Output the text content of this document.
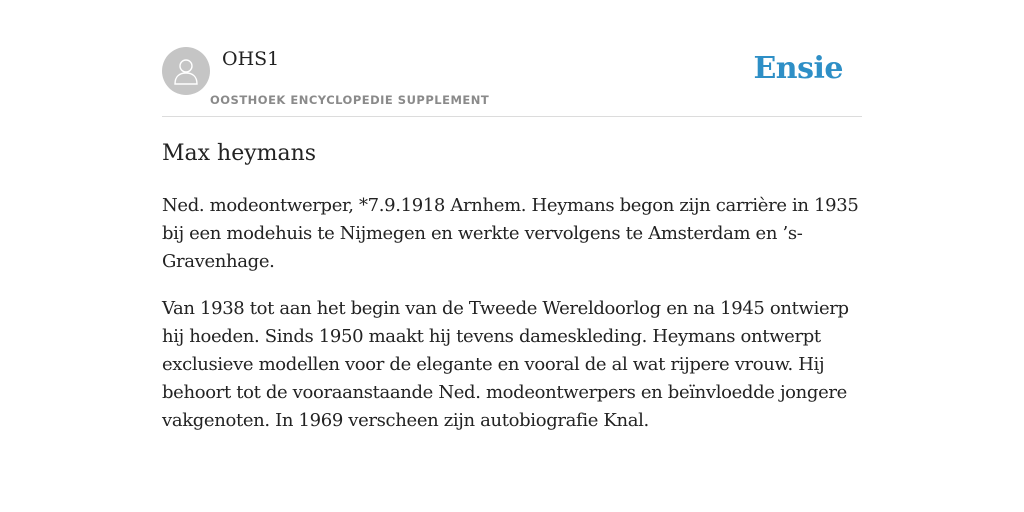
OHS1
OOSTHOEK ENCYCLOPEDIE SUPPLEMENT
Ensie
Max heymans

Ned. modeontwerper, *7.9.1918 Arnhem. Heymans begon zijn carrière in 1935 bij een modehuis te Nijmegen en werkte vervolgens te Amsterdam en ’s-Gravenhage.

Van 1938 tot aan het begin van de Tweede Wereldoorlog en na 1945 ontwierp hij hoeden. Sinds 1950 maakt hij tevens dameskleding. Heymans ontwerpt exclusieve modellen voor de elegante en vooral de al wat rijpere vrouw. Hij behoort tot de vooraanstaande Ned. modeontwerpers en beïnvloedde jongere vakgenoten. In 1969 verscheen zijn autobiografie Knal.
